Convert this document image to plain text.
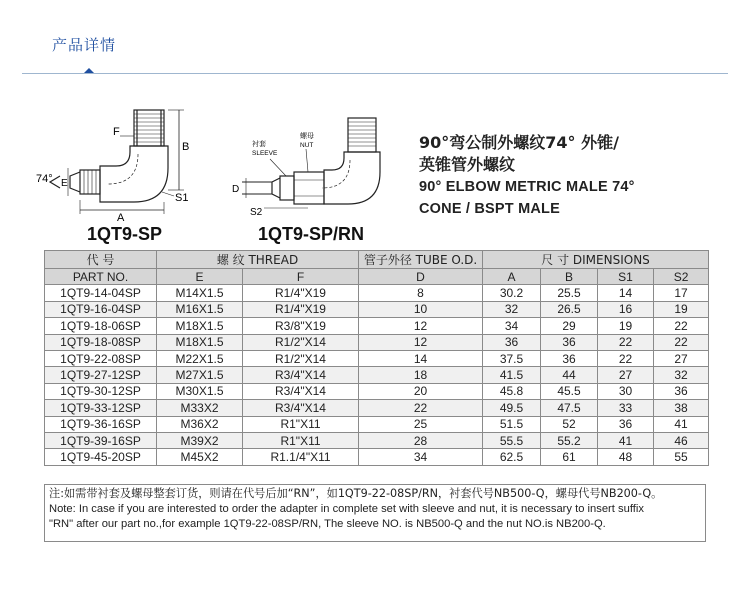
产品详情
F
B
E
A
S1
74°
1QT9-SP
衬套
SLEEVE
螺母
NUT
D
S2
1QT9-SP/RN
90°弯公制外螺纹74° 外锥/
英锥管外螺纹
90° ELBOW METRIC MALE 74°
CONE / BSPT MALE
代 号	螺 纹 THREAD		管子外径 TUBE O.D.	尺 寸 DIMENSIONS			
PART NO.	E	F	D	A	B	S1	S2
1QT9-14-04SP	M14X1.5	R1/4"X19	8	30.2	25.5	14	17
1QT9-16-04SP	M16X1.5	R1/4"X19	10	32	26.5	16	19
1QT9-18-06SP	M18X1.5	R3/8"X19	12	34	29	19	22
1QT9-18-08SP	M18X1.5	R1/2"X14	12	36	36	22	22
1QT9-22-08SP	M22X1.5	R1/2"X14	14	37.5	36	22	27
1QT9-27-12SP	M27X1.5	R3/4"X14	18	41.5	44	27	32
1QT9-30-12SP	M30X1.5	R3/4"X14	20	45.8	45.5	30	36
1QT9-33-12SP	M33X2	R3/4"X14	22	49.5	47.5	33	38
1QT9-36-16SP	M36X2	R1"X11	25	51.5	52	36	41
1QT9-39-16SP	M39X2	R1"X11	28	55.5	55.2	41	46
1QT9-45-20SP	M45X2	R1.1/4"X11	34	62.5	61	48	55
注:如需带衬套及螺母整套订货，则请在代号后加“RN”，如1QT9-22-08SP/RN，衬套代号NB500-Q，螺母代号NB200-Q。
Note: In case if you are interested to order the adapter in complete set with sleeve and nut, it is necessary to insert suffix
"RN" after our part no.,for example 1QT9-22-08SP/RN, The sleeve NO. is NB500-Q and the nut NO.is NB200-Q.
